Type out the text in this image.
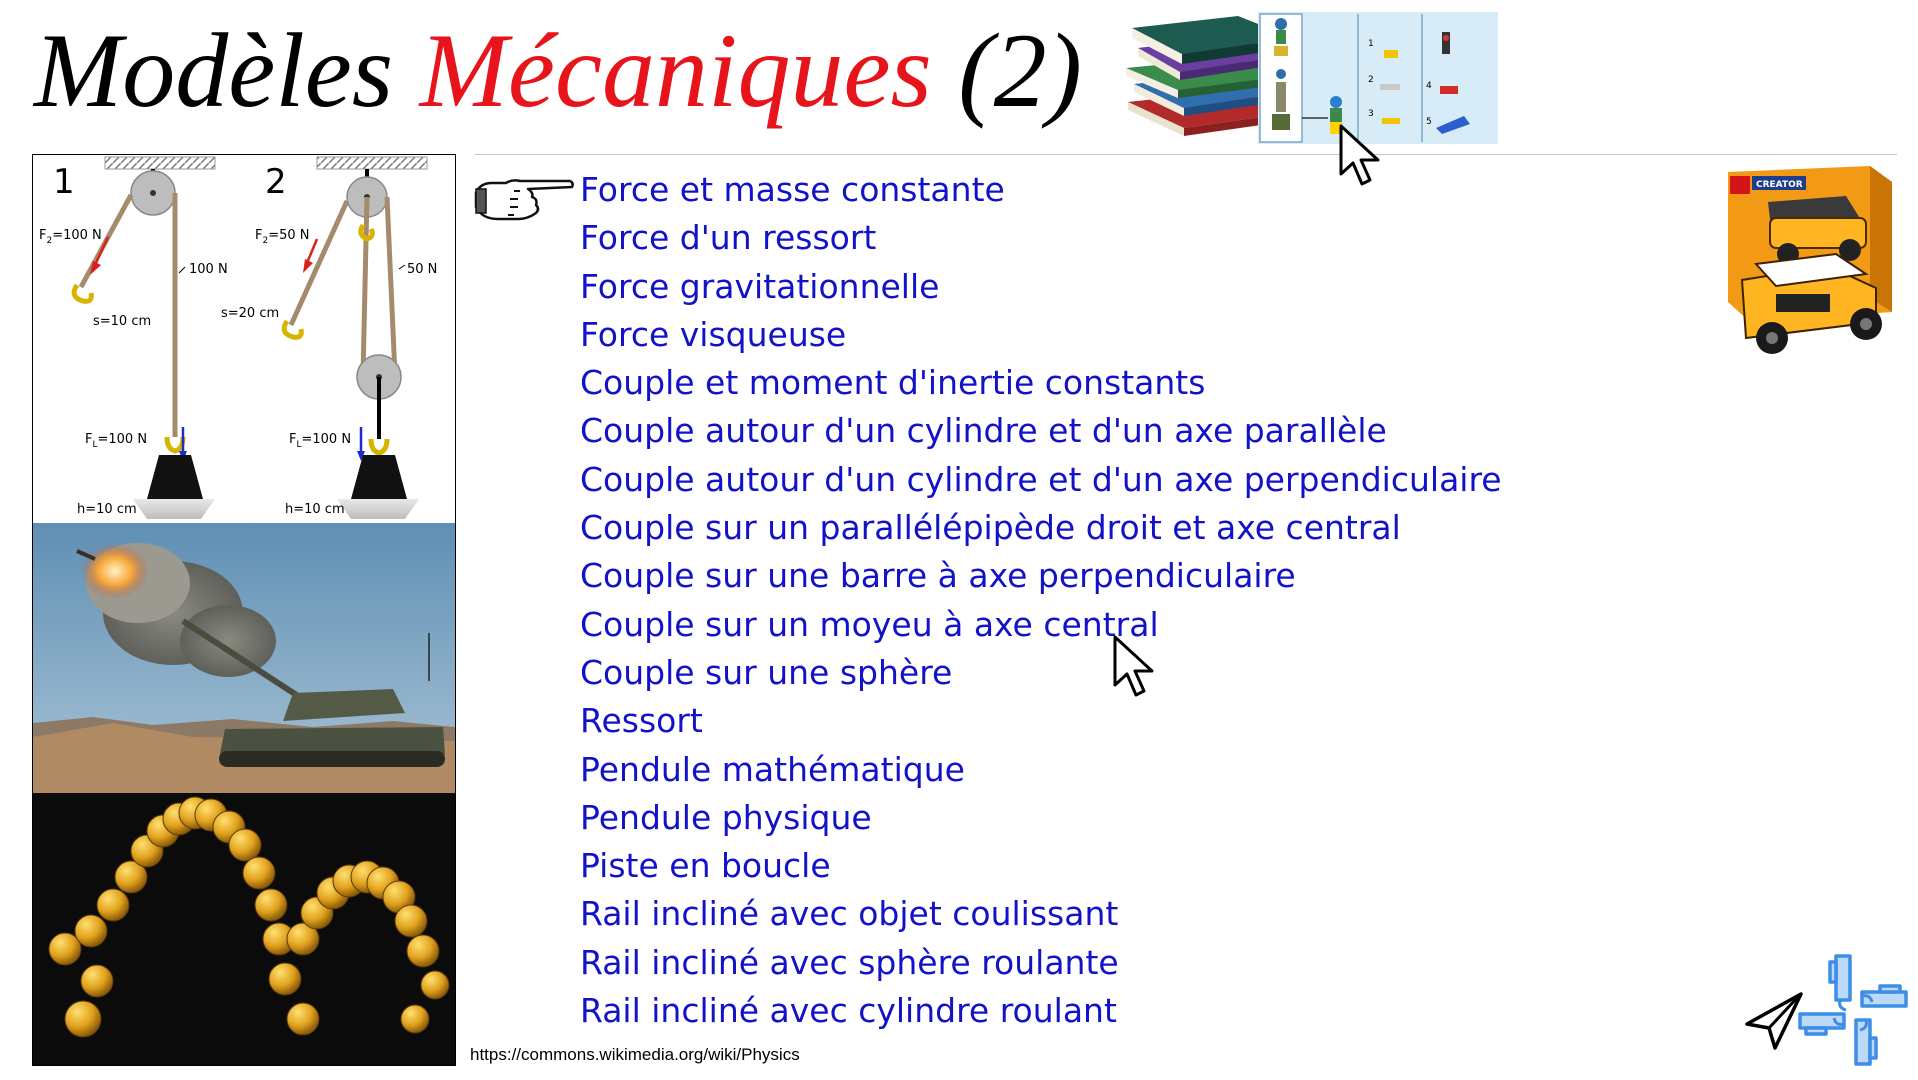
Modèles Mécaniques (2)	1
2
3
4
5
1
$F_2=100$ N
100 N
s=10 cm
$F_L=100$ N
h=10 cm
2
$F_2=50$ N
50 N
s=20 cm
$F_L=100$ N
h=10 cm
Force et masse constante
Force d'un ressort
Force gravitationnelle
Force visqueuse
Couple et moment d'inertie constants
Couple autour d'un cylindre et d'un axe parallèle
Couple autour d'un cylindre et d'un axe perpendiculaire
Couple sur un parallélépipède droit et axe central
Couple sur une barre à axe perpendiculaire
Couple sur un moyeu à axe central
Couple sur une sphère
Ressort
Pendule mathématique
Pendule physique
Piste en boucle
Rail incliné avec objet coulissant
Rail incliné avec sphère roulante
Rail incliné avec cylindre roulant
CREATOR
https://commons.wikimedia.org/wiki/Physics
